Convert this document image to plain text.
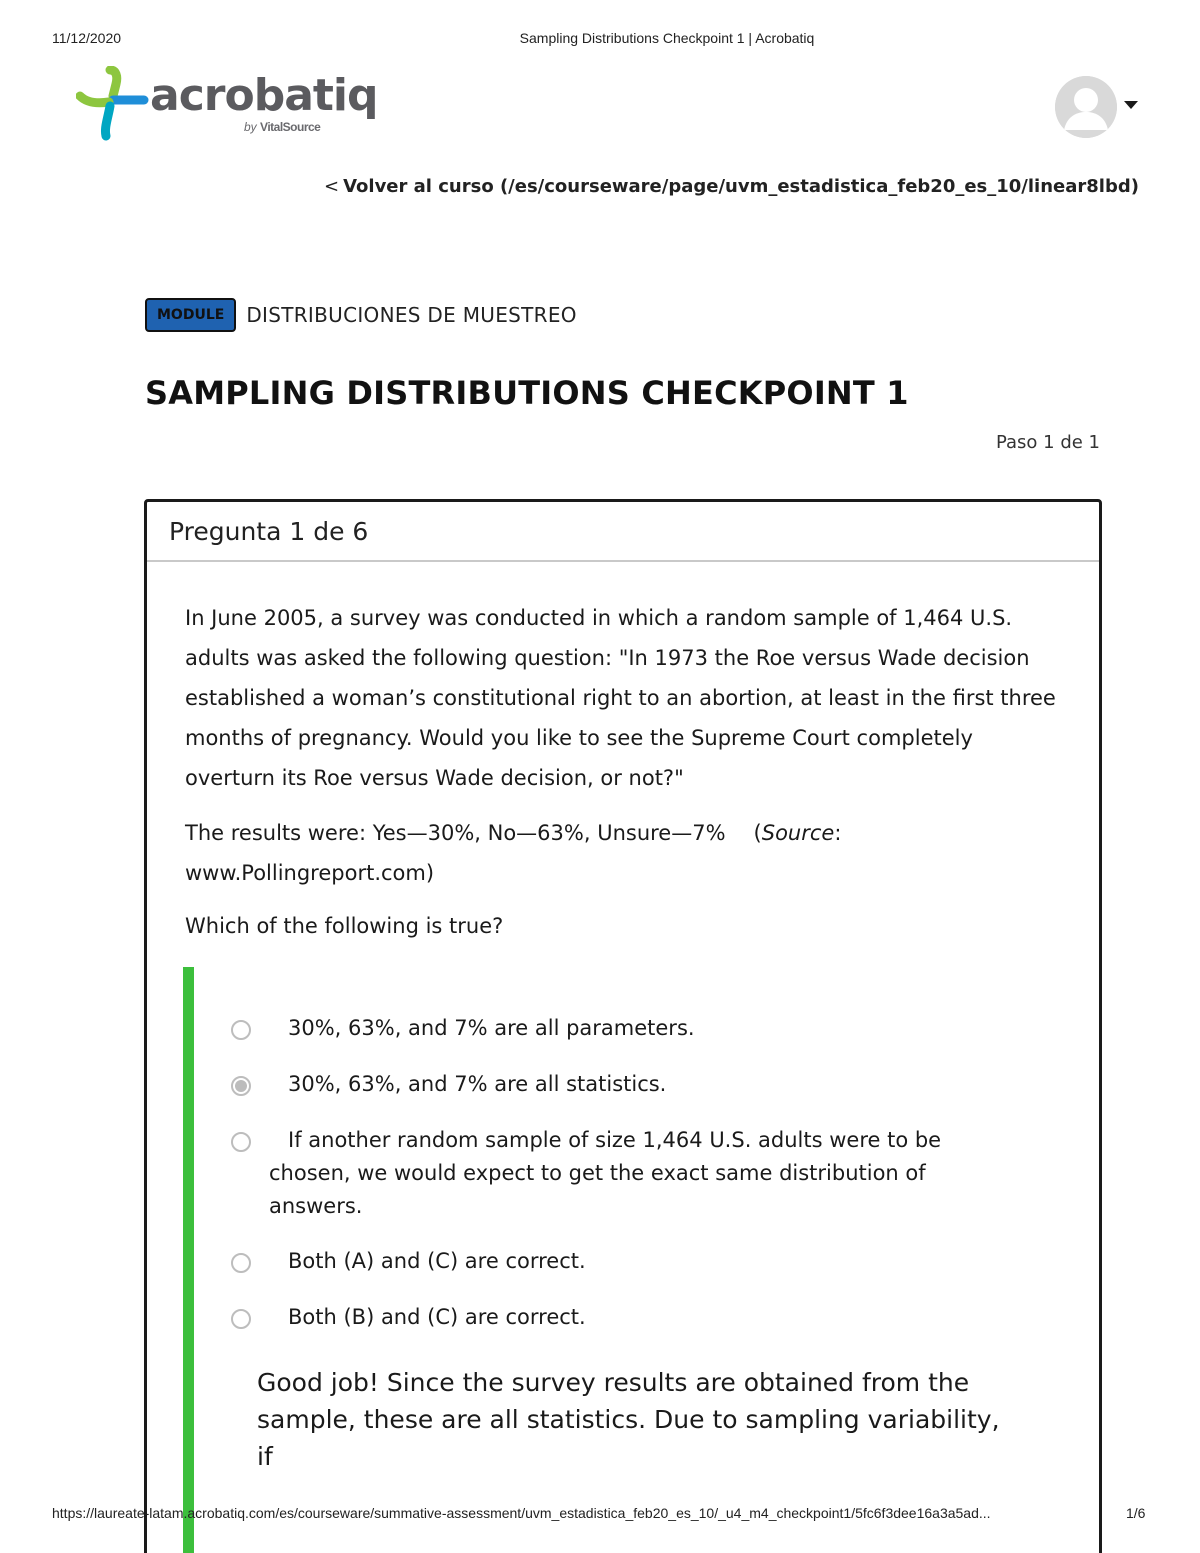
11/12/2020	Sampling Distributions Checkpoint 1 | Acrobatiq
acrobatiq
by VitalSource
< Volver al curso (/es/courseware/page/uvm_estadistica_feb20_es_10/linear8lbd)
MODULE	DISTRIBUCIONES DE MUESTREO
SAMPLING DISTRIBUTIONS CHECKPOINT 1
Paso 1 de 1
Pregunta 1 de 6

In June 2005, a survey was conducted in which a random sample of 1,464 U.S. adults was asked the following question: "In 1973 the Roe versus Wade decision established a woman’s constitutional right to an abortion, at least in the first three months of pregnancy. Would you like to see the Supreme Court completely overturn its Roe versus Wade decision, or not?"

The results were: Yes—30%, No—63%, Unsure—7% (Source: www.Pollingreport.com)

Which of the following is true?

30%, 63%, and 7% are all parameters.
30%, 63%, and 7% are all statistics.
If another random sample of size 1,464 U.S. adults were to be chosen, we would expect to get the exact same distribution of answers.
Both (A) and (C) are correct.
Both (B) and (C) are correct.

Good job! Since the survey results are obtained from the sample, these are all statistics. Due to sampling variability, if

https://laureate-latam.acrobatiq.com/es/courseware/summative-assessment/uvm_estadistica_feb20_es_10/_u4_m4_checkpoint1/5fc6f3dee16a3a5ad...	1/6
